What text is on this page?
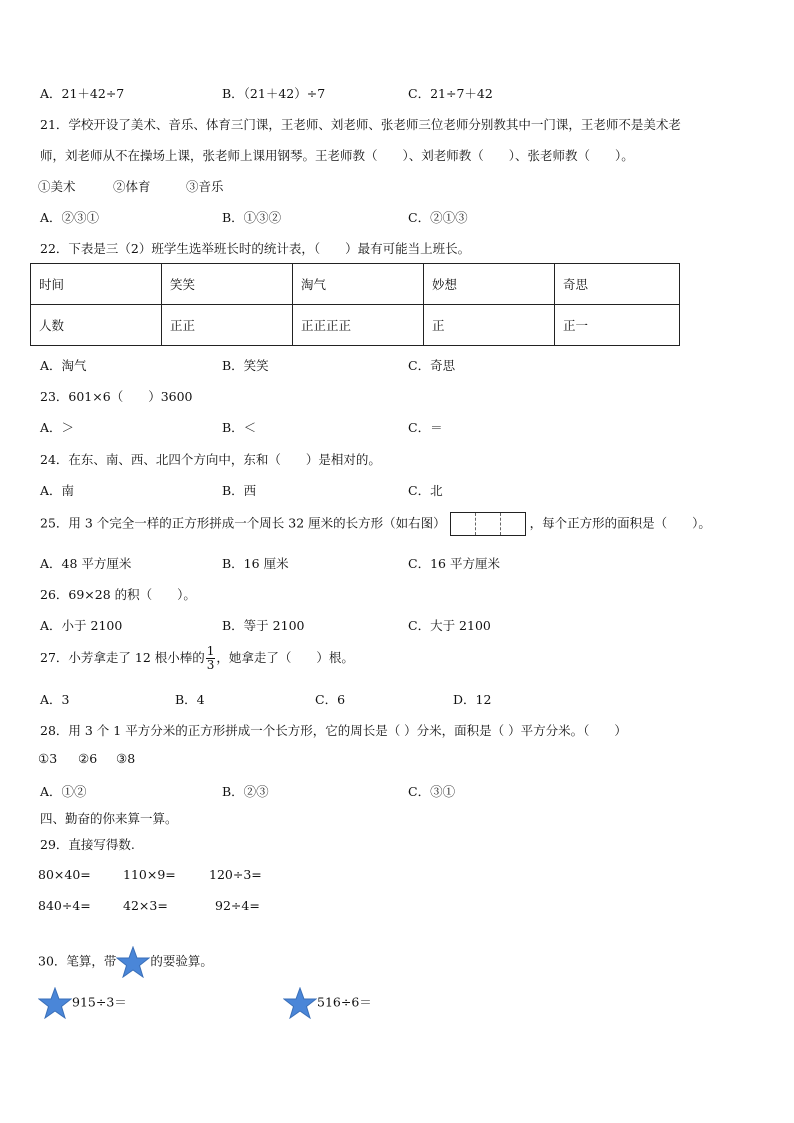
A．21＋42÷7	B．（21＋42）÷7	C．21÷7＋42
21．学校开设了美术、音乐、体育三门课，王老师、刘老师、张老师三位老师分别教其中一门课，王老师不是美术老
师，刘老师从不在操场上课，张老师上课用钢琴。王老师教（　　）、刘老师教（　　）、张老师教（　　）。
①美术	②体育	③音乐
A．②③①	B．①③②	C．②①③
22．下表是三（2）班学生选举班长时的统计表，（　　）最有可能当上班长。
时间	笑笑	淘气	妙想	奇思
人数	正正	正正正正	正	正一
A．淘气	B．笑笑	C．奇思
23．601×6（　　）3600
A．＞	B．＜	C．＝
24．在东、南、西、北四个方向中，东和（　　）是相对的。
A．南	B．西	C．北
25．用 3 个完全一样的正方形拼成一个周长 32 厘米的长方形（如右图）	，每个正方形的面积是（　　）。
A．48 平方厘米	B．16 厘米	C．16 平方厘米
26．69×28 的积（　　）。
A．小于 2100	B．等于 2100	C．大于 2100
27．小芳拿走了 12 根小棒的 $\frac{1}{3}$ ，她拿走了（　　）根。
A．3	B．4	C．6	D．12
28．用 3 个 1 平方分米的正方形拼成一个长方形，它的周长是（ ）分米，面积是（ ）平方分米。（　　）
①3 ②6 ③8
A．①②	B．②③	C．③①
四、勤奋的你来算一算。
29．直接写得数.
80×40=	110×9=	120÷3=
840÷4=	42×3=	92÷4=
30．笔算，带	的要验算。
915÷3＝	516÷6＝
